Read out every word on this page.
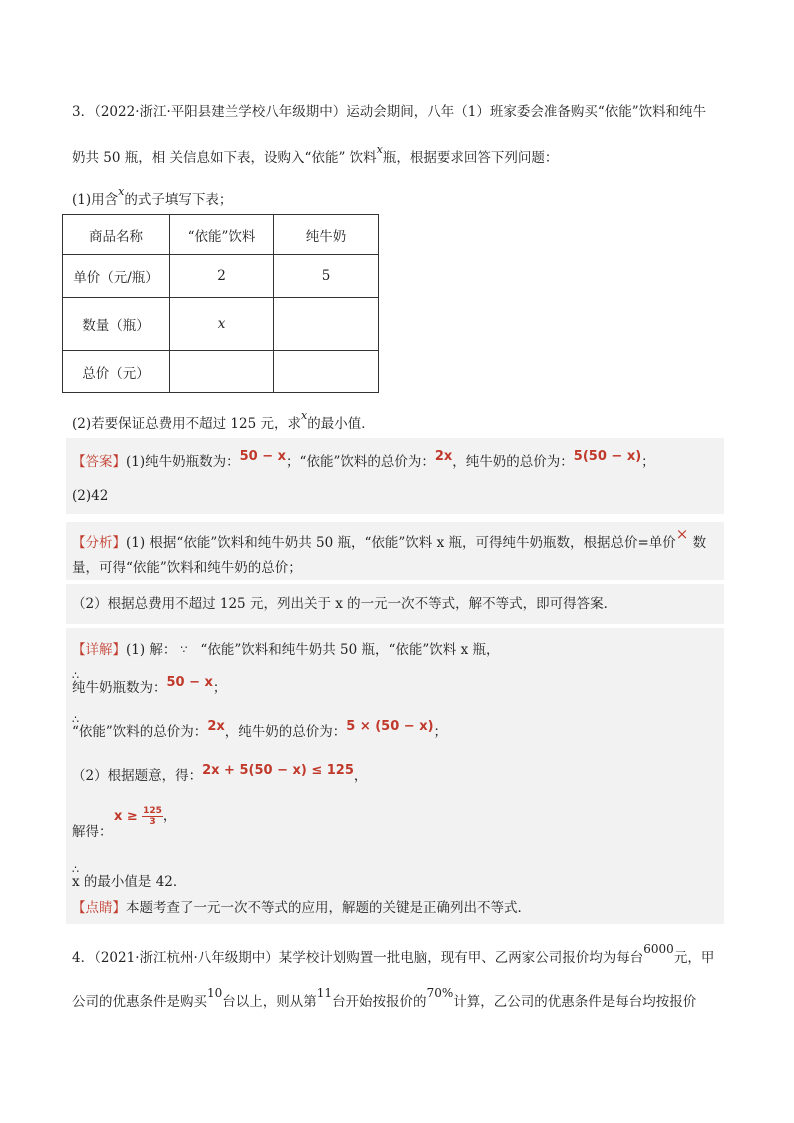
3．（2022·浙江·平阳县建兰学校八年级期中）运动会期间，八年（1）班家委会准备购买“依能”饮料和纯牛
奶共 50 瓶，相 关信息如下表，设购入“依能” 饮料$^x$瓶，根据要求回答下列问题：
(1)用含$^x$的式子填写下表；
商品名称	“依能”饮料	纯牛奶
单价（元/瓶）	2	5
数量（瓶）	x	
总价（元）		
(2)若要保证总费用不超过 125 元，求$^x$的最小值．
【答案】(1)纯牛奶瓶数为：50 − x；“依能”饮料的总价为：2x，纯牛奶的总价为：5(50 − x)；
(2)42
【分析】(1) 根据“依能”饮料和纯牛奶共 50 瓶，“依能”饮料 x 瓶，可得纯牛奶瓶数，根据总价=单价× 数
量，可得“依能”饮料和纯牛奶的总价；
（2）根据总费用不超过 125 元，列出关于 x 的一元一次不等式，解不等式，即可得答案．
【详解】(1) 解： ∵ “依能”饮料和纯牛奶共 50 瓶，“依能”饮料 x 瓶，
∴
纯牛奶瓶数为：50 − x；
∴
“依能”饮料的总价为：2x，纯牛奶的总价为：5 × (50 − x)；
（2）根据题意，得：2x + 5(50 − x) ≤ 125，
解得：
$x \ge \frac{125}{3}$ ，
∴
x 的最小值是 42．
【点睛】本题考查了一元一次不等式的应用，解题的关键是正确列出不等式．
4．（2021·浙江杭州·八年级期中）某学校计划购置一批电脑，现有甲、乙两家公司报价均为每台6000元，甲
公司的优惠条件是购买10台以上，则从第11台开始按报价的70%计算，乙公司的优惠条件是每台均按报价
